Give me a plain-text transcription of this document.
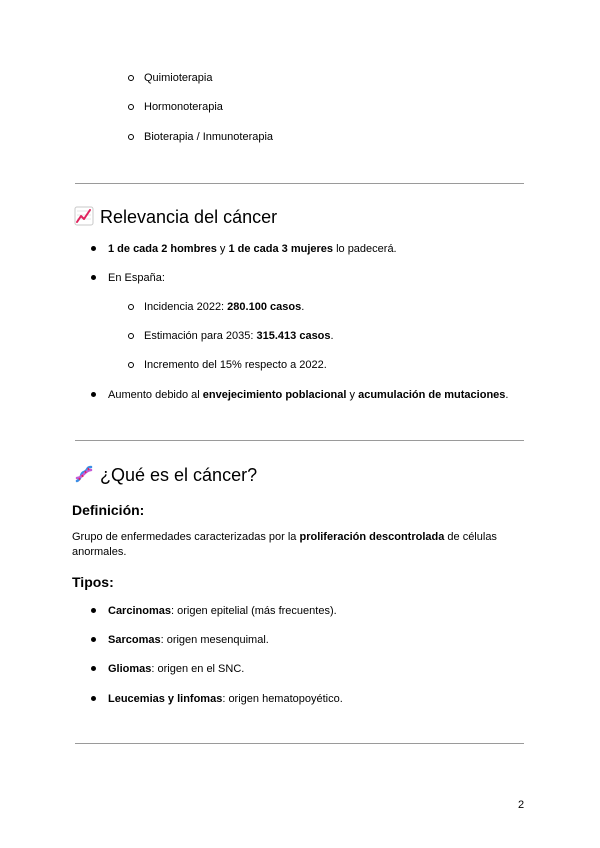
Quimioterapia
Hormonoterapia
Bioterapia / Inmunoterapia
Relevancia del cáncer
1 de cada 2 hombres y 1 de cada 3 mujeres lo padecerá.
En España:
Incidencia 2022: 280.100 casos.
Estimación para 2035: 315.413 casos.
Incremento del 15% respecto a 2022.
Aumento debido al envejecimiento poblacional y acumulación de mutaciones.
¿Qué es el cáncer?
Definición:
Grupo de enfermedades caracterizadas por la proliferación descontrolada de células
anormales.
Tipos:
Carcinomas: origen epitelial (más frecuentes).
Sarcomas: origen mesenquimal.
Gliomas: origen en el SNC.
Leucemias y linfomas: origen hematopoyético.
2
